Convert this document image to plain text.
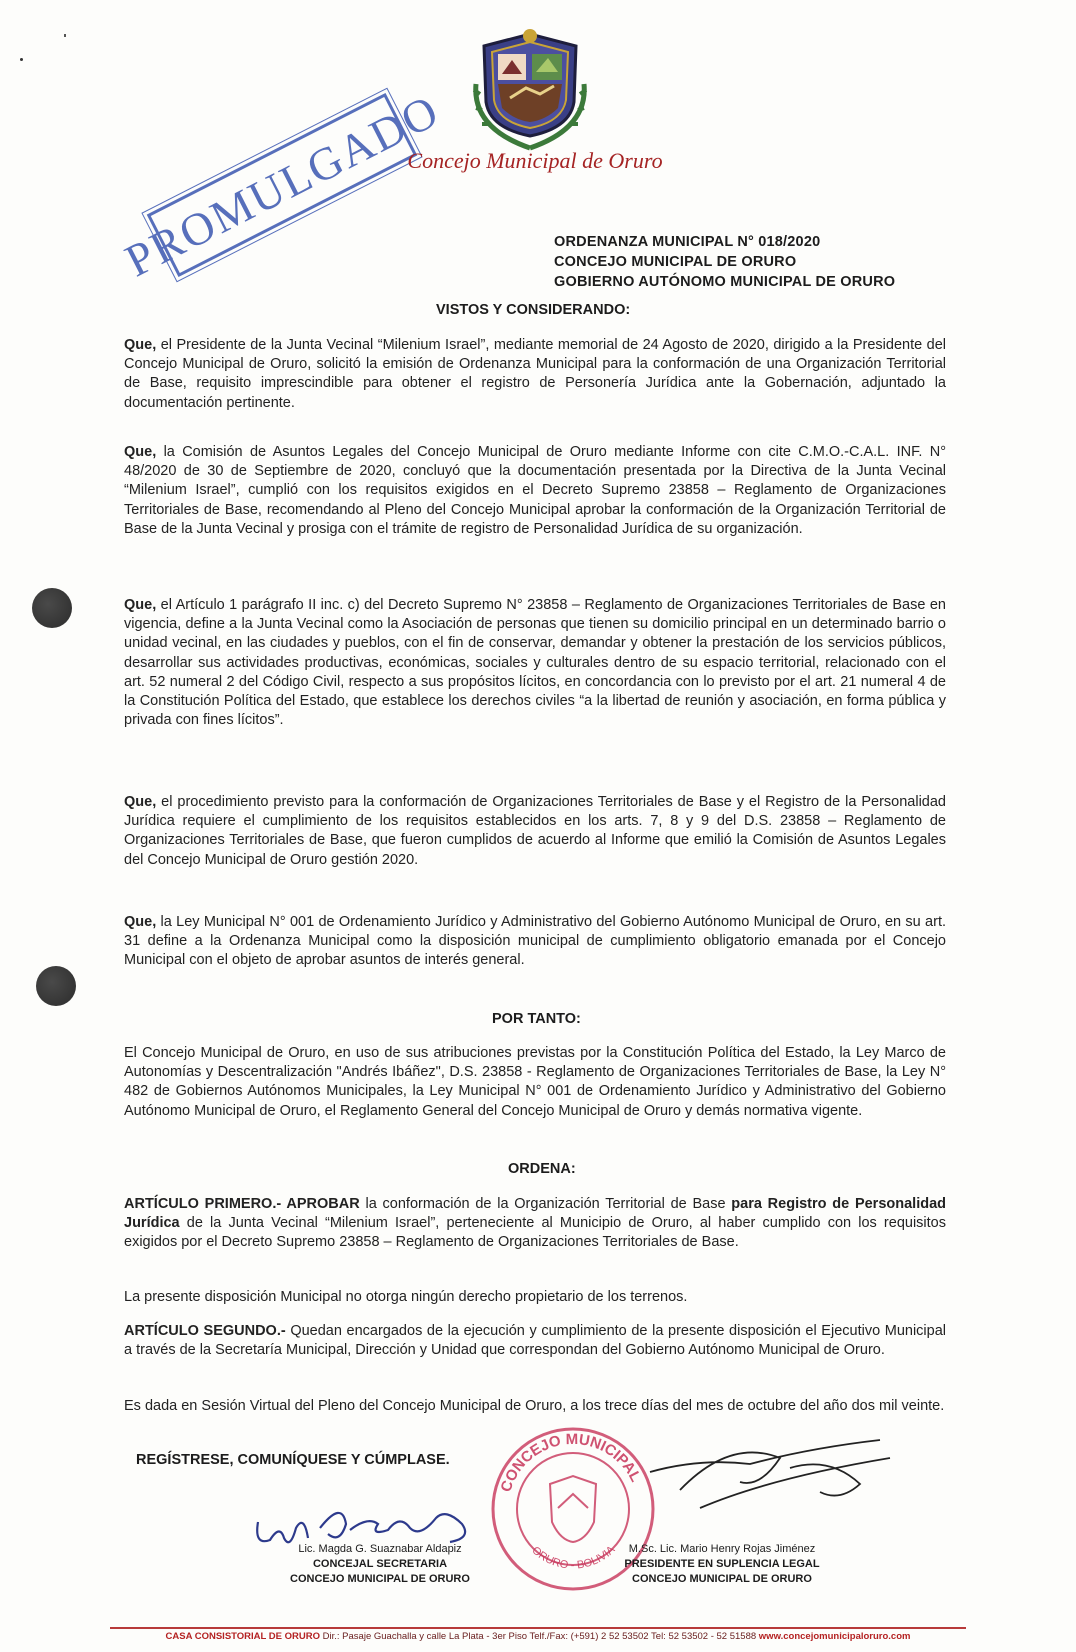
PROMULGADO
Concejo Municipal de Oruro
ORDENANZA MUNICIPAL N° 018/2020
CONCEJO MUNICIPAL DE ORURO
GOBIERNO AUTÓNOMO MUNICIPAL DE ORURO
VISTOS Y CONSIDERANDO:

Que, el Presidente de la Junta Vecinal “Milenium Israel”, mediante memorial de 24 Agosto de 2020, dirigido a la Presidente del Concejo Municipal de Oruro, solicitó la emisión de Ordenanza Municipal para la conformación de una Organización Territorial de Base, requisito imprescindible para obtener el registro de Personería Jurídica ante la Gobernación, adjuntado la documentación pertinente.

Que, la Comisión de Asuntos Legales del Concejo Municipal de Oruro mediante Informe con cite C.M.O.-C.A.L. INF. N° 48/2020 de 30 de Septiembre de 2020, concluyó que la documentación presentada por la Directiva de la Junta Vecinal “Milenium Israel”, cumplió con los requisitos exigidos en el Decreto Supremo 23858 – Reglamento de Organizaciones Territoriales de Base, recomendando al Pleno del Concejo Municipal aprobar la conformación de la Organización Territorial de Base de la Junta Vecinal y prosiga con el trámite de registro de Personalidad Jurídica de su organización.

Que, el Artículo 1 parágrafo II inc. c) del Decreto Supremo N° 23858 – Reglamento de Organizaciones Territoriales de Base en vigencia, define a la Junta Vecinal como la Asociación de personas que tienen su domicilio principal en un determinado barrio o unidad vecinal, en las ciudades y pueblos, con el fin de conservar, demandar y obtener la prestación de los servicios públicos, desarrollar sus actividades productivas, económicas, sociales y culturales dentro de su espacio territorial, relacionado con el art. 52 numeral 2 del Código Civil, respecto a sus propósitos lícitos, en concordancia con lo previsto por el art. 21 numeral 4 de la Constitución Política del Estado, que establece los derechos civiles “a la libertad de reunión y asociación, en forma pública y privada con fines lícitos”.

Que, el procedimiento previsto para la conformación de Organizaciones Territoriales de Base y el Registro de la Personalidad Jurídica requiere el cumplimiento de los requisitos establecidos en los arts. 7, 8 y 9 del D.S. 23858 – Reglamento de Organizaciones Territoriales de Base, que fueron cumplidos de acuerdo al Informe que emilió la Comisión de Asuntos Legales del Concejo Municipal de Oruro gestión 2020.

Que, la Ley Municipal N° 001 de Ordenamiento Jurídico y Administrativo del Gobierno Autónomo Municipal de Oruro, en su art. 31 define a la Ordenanza Municipal como la disposición municipal de cumplimiento obligatorio emanada por el Concejo Municipal con el objeto de aprobar asuntos de interés general.

POR TANTO:

El Concejo Municipal de Oruro, en uso de sus atribuciones previstas por la Constitución Política del Estado, la Ley Marco de Autonomías y Descentralización "Andrés Ibáñez", D.S. 23858 - Reglamento de Organizaciones Territoriales de Base, la Ley N° 482 de Gobiernos Autónomos Municipales, la Ley Municipal N° 001 de Ordenamiento Jurídico y Administrativo del Gobierno Autónomo Municipal de Oruro, el Reglamento General del Concejo Municipal de Oruro y demás normativa vigente.

ORDENA:

ARTÍCULO PRIMERO.- APROBAR la conformación de la Organización Territorial de Base para Registro de Personalidad Jurídica de la Junta Vecinal “Milenium Israel”, perteneciente al Municipio de Oruro, al haber cumplido con los requisitos exigidos por el Decreto Supremo 23858 – Reglamento de Organizaciones Territoriales de Base.

La presente disposición Municipal no otorga ningún derecho propietario de los terrenos.

ARTÍCULO SEGUNDO.- Quedan encargados de la ejecución y cumplimiento de la presente disposición el Ejecutivo Municipal a través de la Secretaría Municipal, Dirección y Unidad que correspondan del Gobierno Autónomo Municipal de Oruro.

Es dada en Sesión Virtual del Pleno del Concejo Municipal de Oruro, a los trece días del mes de octubre del año dos mil veinte.

REGÍSTRESE, COMUNÍQUESE Y CÚMPLASE.
CONCEJO MUNICIPAL
ORURO - BOLIVIA
Lic. Magda G. Suaznabar Aldapiz
CONCEJAL SECRETARIA
CONCEJO MUNICIPAL DE ORURO
M.Sc. Lic. Mario Henry Rojas Jiménez
PRESIDENTE EN SUPLENCIA LEGAL
CONCEJO MUNICIPAL DE ORURO
CASA CONSISTORIAL DE ORURO Dir.: Pasaje Guachalla y calle La Plata - 3er Piso Telf./Fax: (+591) 2 52 53502 Tel: 52 53502 - 52 51588 www.concejomunicipaloruro.com
